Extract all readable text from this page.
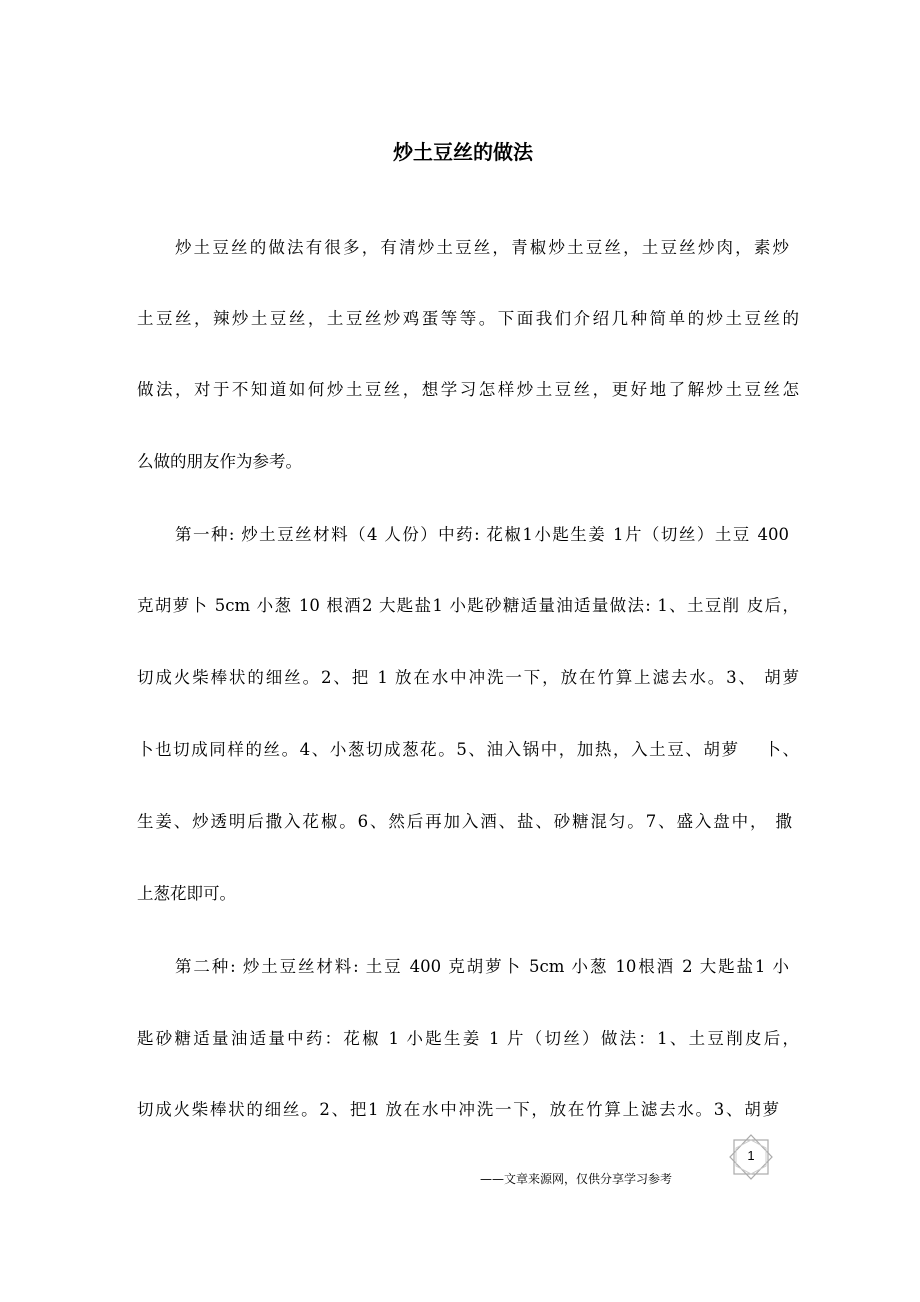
炒土豆丝的做法
炒土豆丝的做法有很多，有清炒土豆丝，青椒炒土豆丝，土豆丝炒肉，素炒
土豆丝，辣炒土豆丝，土豆丝炒鸡蛋等等。下面我们介绍几种简单的炒土豆丝的
做法，对于不知道如何炒土豆丝，想学习怎样炒土豆丝，更好地了解炒土豆丝怎
么做的朋友作为参考。
第一种: 炒土豆丝材料（4 人份）中药: 花椒1小匙生姜 1片（切丝）土豆 400
克胡萝卜 5cm 小葱 10 根酒2 大匙盐1 小匙砂糖适量油适量做法: 1、土豆削 皮后，
切成火柴棒状的细丝。2、把 1 放在水中冲洗一下，放在竹算上滤去水。3、 胡萝
卜也切成同样的丝。4、小葱切成葱花。5、油入锅中，加热，入土豆、胡萝　 卜、
生姜、炒透明后撒入花椒。6、然后再加入酒、盐、砂糖混匀。7、盛入盘中， 撒
上葱花即可。
第二种: 炒土豆丝材料: 土豆 400 克胡萝卜 5cm 小葱 10根酒 2 大匙盐1 小
匙砂糖适量油适量中药：花椒 1 小匙生姜 1 片（切丝）做法：1、土豆削皮后，
切成火柴棒状的细丝。2、把1 放在水中冲洗一下，放在竹算上滤去水。3、胡萝
1
——文章来源网，仅供分享学习参考
